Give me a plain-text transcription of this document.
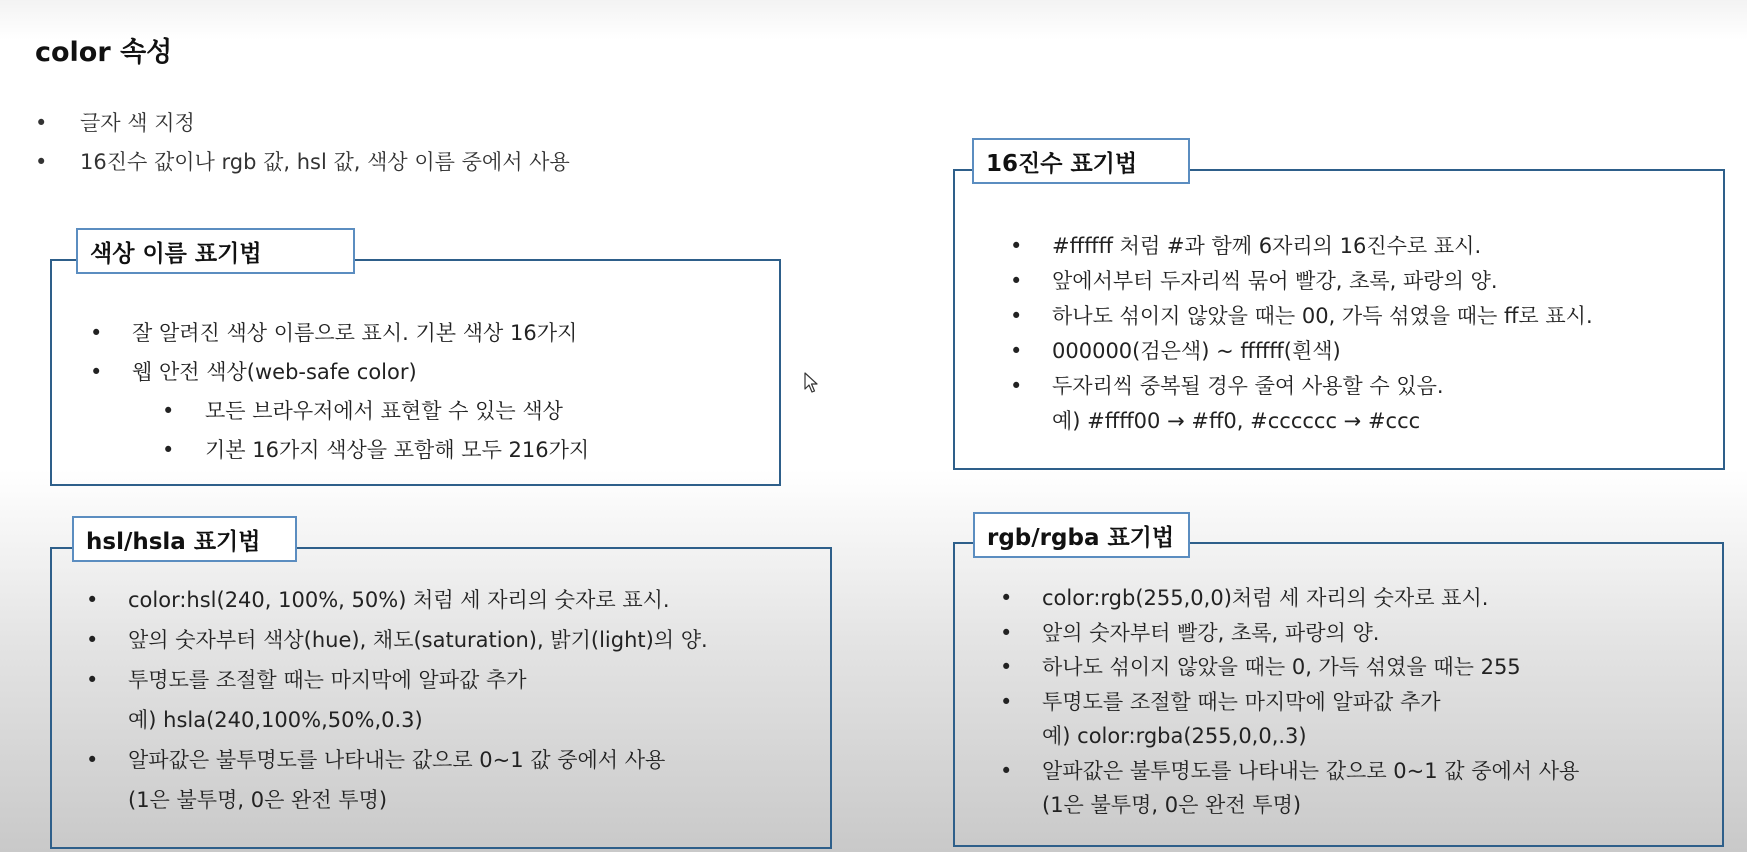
color 속성
• 글자 색 지정
• 16진수 값이나 rgb 값, hsl 값, 색상 이름 중에서 사용
색상 이름 표기법
• 잘 알려진 색상 이름으로 표시. 기본 색상 16가지
• 웹 안전 색상(web-safe color)
• 모든 브라우저에서 표현할 수 있는 색상
• 기본 16가지 색상을 포함해 모두 216가지
16진수 표기법
• #ffffff 처럼 #과 함께 6자리의 16진수로 표시.
• 앞에서부터 두자리씩 묶어 빨강, 초록, 파랑의 양.
• 하나도 섞이지 않았을 때는 00, 가득 섞였을 때는 ff로 표시.
• 000000(검은색) ~ ffffff(흰색)
• 두자리씩 중복될 경우 줄여 사용할 수 있음.
예) #ffff00 → #ff0, #cccccc → #ccc
hsl/hsla 표기법
• color:hsl(240, 100%, 50%) 처럼 세 자리의 숫자로 표시.
• 앞의 숫자부터 색상(hue), 채도(saturation), 밝기(light)의 양.
• 투명도를 조절할 때는 마지막에 알파값 추가
예) hsla(240,100%,50%,0.3)
• 알파값은 불투명도를 나타내는 값으로 0~1 값 중에서 사용
(1은 불투명, 0은 완전 투명)
rgb/rgba 표기법
• color:rgb(255,0,0)처럼 세 자리의 숫자로 표시.
• 앞의 숫자부터 빨강, 초록, 파랑의 양.
• 하나도 섞이지 않았을 때는 0, 가득 섞였을 때는 255
• 투명도를 조절할 때는 마지막에 알파값 추가
예) color:rgba(255,0,0,.3)
• 알파값은 불투명도를 나타내는 값으로 0~1 값 중에서 사용
(1은 불투명, 0은 완전 투명)
